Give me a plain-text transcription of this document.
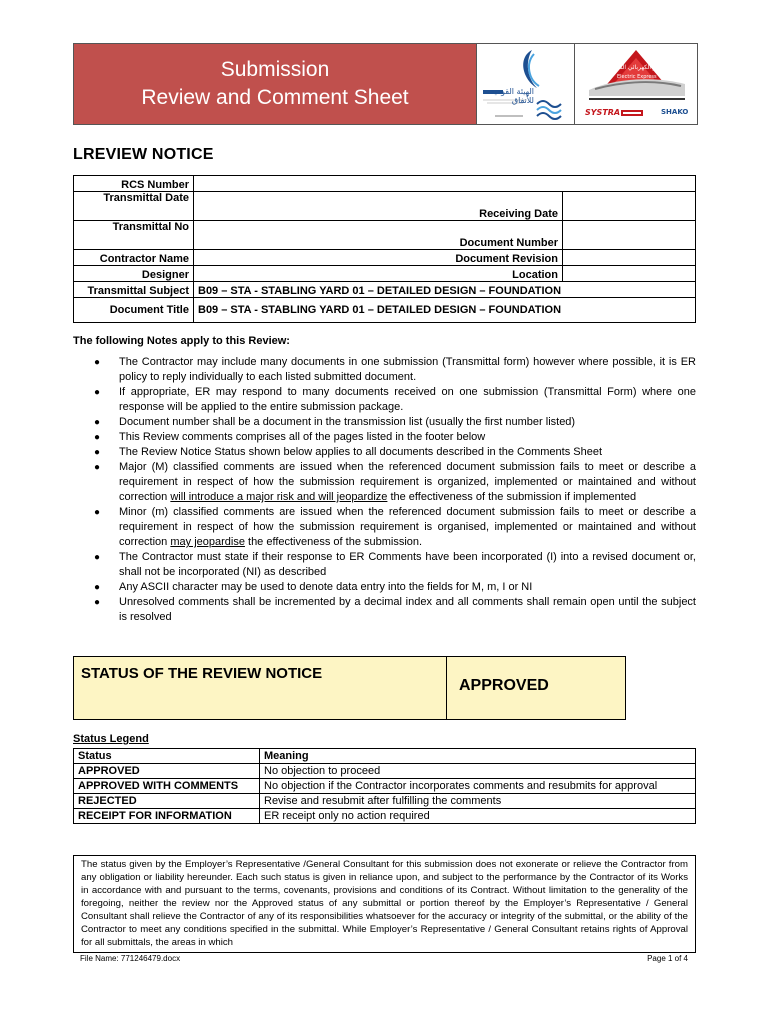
Submission
Review and Comment Sheet	الهيئة القومية للأنفاق
القطار الكهربائي السريع
Electric Express Train
SYSTRA	SHAKO
LREVIEW NOTICE
RCS Number			
Transmittal Date		Receiving Date	
Transmittal No		Document Number	
Contractor Name		Document Revision	
Designer		Location	
Transmittal Subject	B09 – STA - STABLING YARD 01 – DETAILED DESIGN – FOUNDATION		
Document Title	B09 – STA - STABLING YARD 01 – DETAILED DESIGN – FOUNDATION		
The following Notes apply to this Review:
● The Contractor may include many documents in one submission (Transmittal form) however where possible, it is ER policy to reply individually to each listed submitted document.
● If appropriate, ER may respond to many documents received on one submission (Transmittal Form) where one response will be applied to the entire submission package.
● Document number shall be a document in the transmission list (usually the first number listed)
● This Review comments comprises all of the pages listed in the footer below
● The Review Notice Status shown below applies to all documents described in the Comments Sheet
● Major (M) classified comments are issued when the referenced document submission fails to meet or describe a requirement in respect of how the submission requirement is organized, implemented or maintained and without correction will introduce a major risk and will jeopardize the effectiveness of the submission if implemented
● Minor (m) classified comments are issued when the referenced document submission fails to meet or describe a requirement in respect of how the submission requirement is organised, implemented or maintained and without correction may jeopardise the effectiveness of the submission.
● The Contractor must state if their response to ER Comments have been incorporated (I) into a revised document or, shall not be incorporated (NI) as described
● Any ASCII character may be used to denote data entry into the fields for M, m, I or NI
● Unresolved comments shall be incremented by a decimal index and all comments shall remain open until the subject is resolved
STATUS OF THE REVIEW NOTICE
APPROVED
Status Legend
Status	Meaning
APPROVED	No objection to proceed
APPROVED WITH COMMENTS	No objection if the Contractor incorporates comments and resubmits for approval
REJECTED	Revise and resubmit after fulfilling the comments
RECEIPT FOR INFORMATION	ER receipt only no action required
The status given by the Employer’s Representative /General Consultant for this submission does not exonerate or relieve the Contractor from any obligation or liability hereunder. Each such status is given in reliance upon, and subject to the performance by the Contractor of its Works in accordance with and pursuant to the terms, covenants, provisions and conditions of its Contract. Without limitation to the generality of the foregoing, neither the review nor the Approved status of any submittal or portion thereof by the Employer’s Representative / General Consultant shall relieve the Contractor of any of its responsibilities whatsoever for the accuracy or integrity of the submittal, or the ability of the Contractor to meet any conditions specified in the submittal. While Employer’s Representative / General Consultant retains rights of Approval for all submittals, the areas in which
File Name: 771246479.docx	Page 1 of 4
